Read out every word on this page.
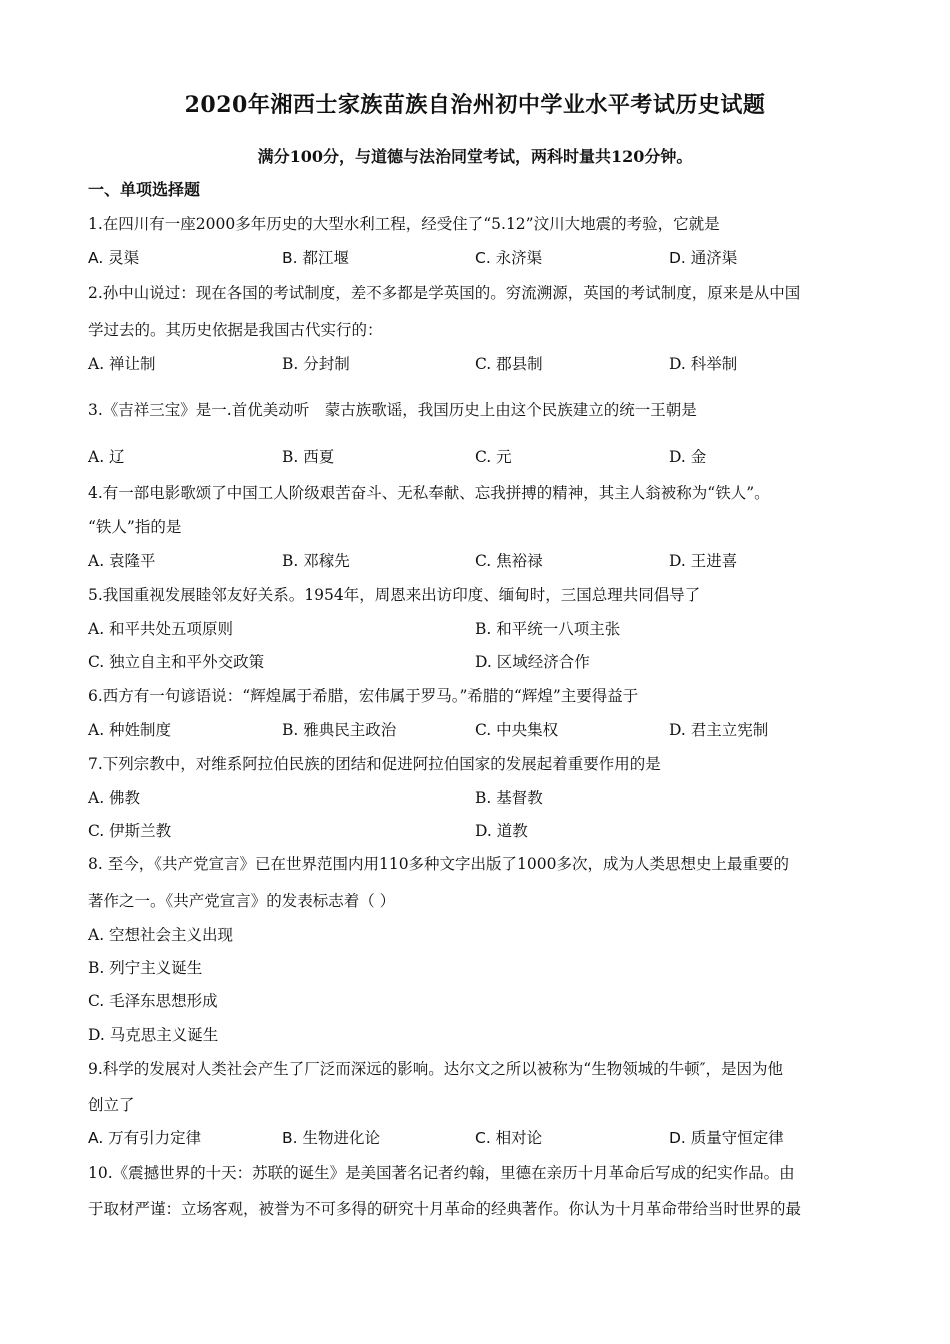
2020年湘西士家族苗族自治州初中学业水平考试历史试题
满分100分，与道德与法治同堂考试，两科时量共120分钟。
一、单项选择题
1.在四川有一座2000多年历史的大型水利工程，经受住了“5.12”汶川大地震的考验，它就是
A. 灵渠	B. 都江堰	C. 永济渠	D. 通济渠
2.孙中山说过：现在各国的考试制度，差不多都是学英国的。穷流溯源，英国的考试制度，原来是从中国
学过去的。其历史依据是我国古代实行的：
A. 禅让制	B. 分封制	C. 郡县制	D. 科举制
3.《吉祥三宝》是一.首优美动听　蒙古族歌谣，我国历史上由这个民族建立的统一王朝是
A. 辽	B. 西夏	C. 元	D. 金
4.有一部电影歌颂了中国工人阶级艰苦奋斗、无私奉献、忘我拼搏的精神，其主人翁被称为“铁人”。
“铁人”指的是
A. 袁隆平	B. 邓稼先	C. 焦裕禄	D. 王进喜
5.我国重视发展睦邻友好关系。1954年，周恩来出访印度、缅甸时，三国总理共同倡导了
A. 和平共处五项原则	B. 和平统一八项主张
C. 独立自主和平外交政策	D. 区域经济合作
6.西方有一句谚语说：“辉煌属于希腊，宏伟属于罗马。”希腊的“辉煌”主要得益于
A. 种姓制度	B. 雅典民主政治	C. 中央集权	D. 君主立宪制
7.下列宗教中，对维系阿拉伯民族的团结和促进阿拉伯国家的发展起着重要作用的是
A. 佛教	B. 基督教
C. 伊斯兰教	D. 道教
8. 至今，《共产党宣言》已在世界范围内用110多种文字出版了1000多次，成为人类思想史上最重要的
著作之一。《共产党宣言》的发表标志着（ ）
A. 空想社会主义出现
B. 列宁主义诞生
C. 毛泽东思想形成
D. 马克思主义诞生
9.科学的发展对人类社会产生了厂泛而深远的影响。达尔文之所以被称为“生物领城的牛顿″，是因为他
创立了
A. 万有引力定律	B. 生物进化论	C. 相对论	D. 质量守恒定律
10.《震撼世界的十天：苏联的诞生》是美国著名记者约翰，里德在亲历十月革命后写成的纪实作品。由
于取材严谨：立场客观，被誉为不可多得的研究十月革命的经典著作。你认为十月革命带给当时世界的最
